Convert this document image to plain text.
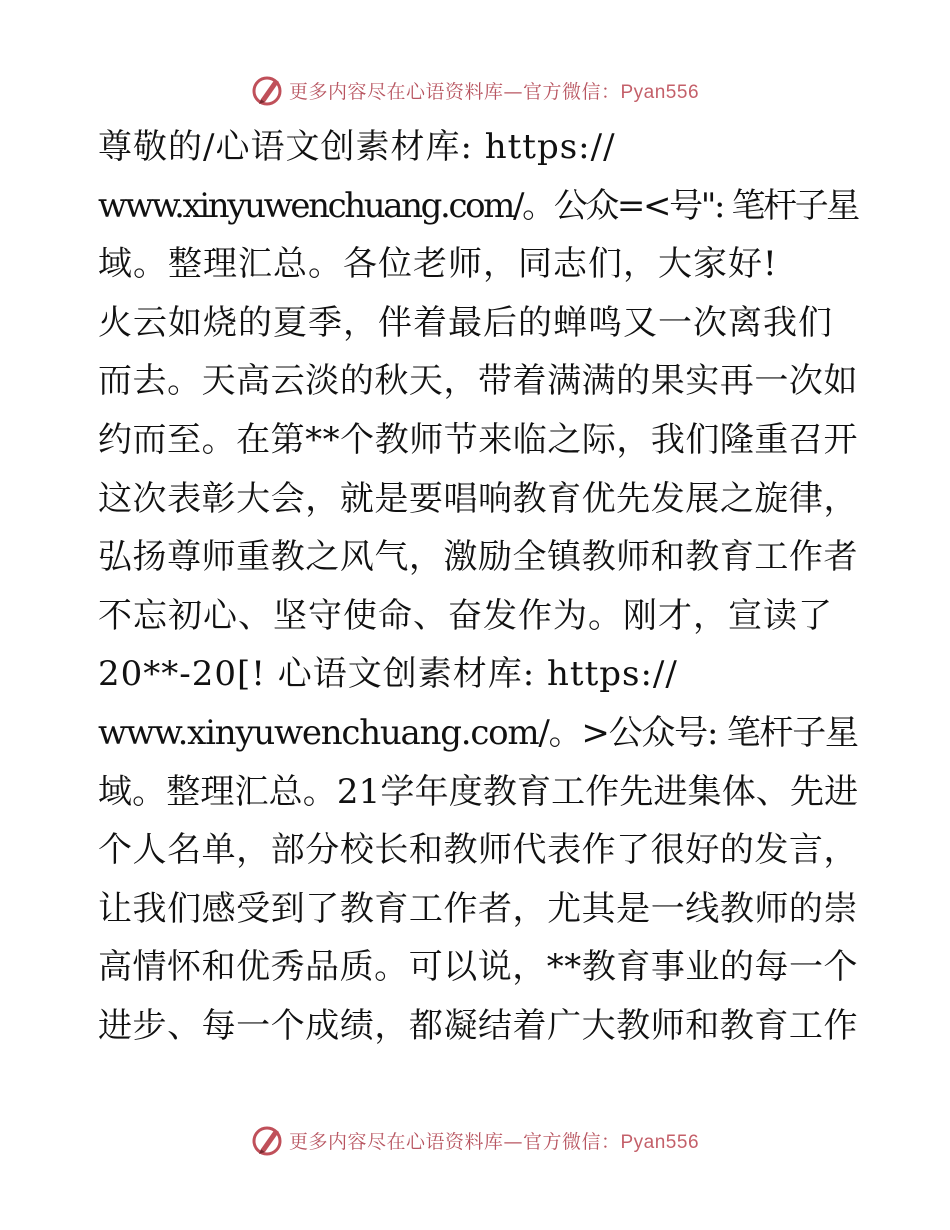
更多内容尽在心语资料库—官方微信：Pyan556

尊敬的/心语文创素材库: https://
www.xinyuwenchuang.com/。公众=<号": 笔杆子星
域。整理汇总。各位老师，同志们，大家好!

火云如烧的夏季，伴着最后的蝉鸣又一次离我们
而去。天高云淡的秋天，带着满满的果实再一次如
约而至。在第**个教师节来临之际，我们隆重召开
这次表彰大会，就是要唱响教育优先发展之旋律，
弘扬尊师重教之风气，激励全镇教师和教育工作者
不忘初心、坚守使命、奋发作为。刚才，宣读了
20**-20[! 心语文创素材库: https://
www.xinyuwenchuang.com/。>公众号: 笔杆子星
域。整理汇总。21学年度教育工作先进集体、先进
个人名单，部分校长和教师代表作了很好的发言，
让我们感受到了教育工作者，尤其是一线教师的崇
高情怀和优秀品质。可以说，**教育事业的每一个
进步、每一个成绩，都凝结着广大教师和教育工作

更多内容尽在心语资料库—官方微信：Pyan556
